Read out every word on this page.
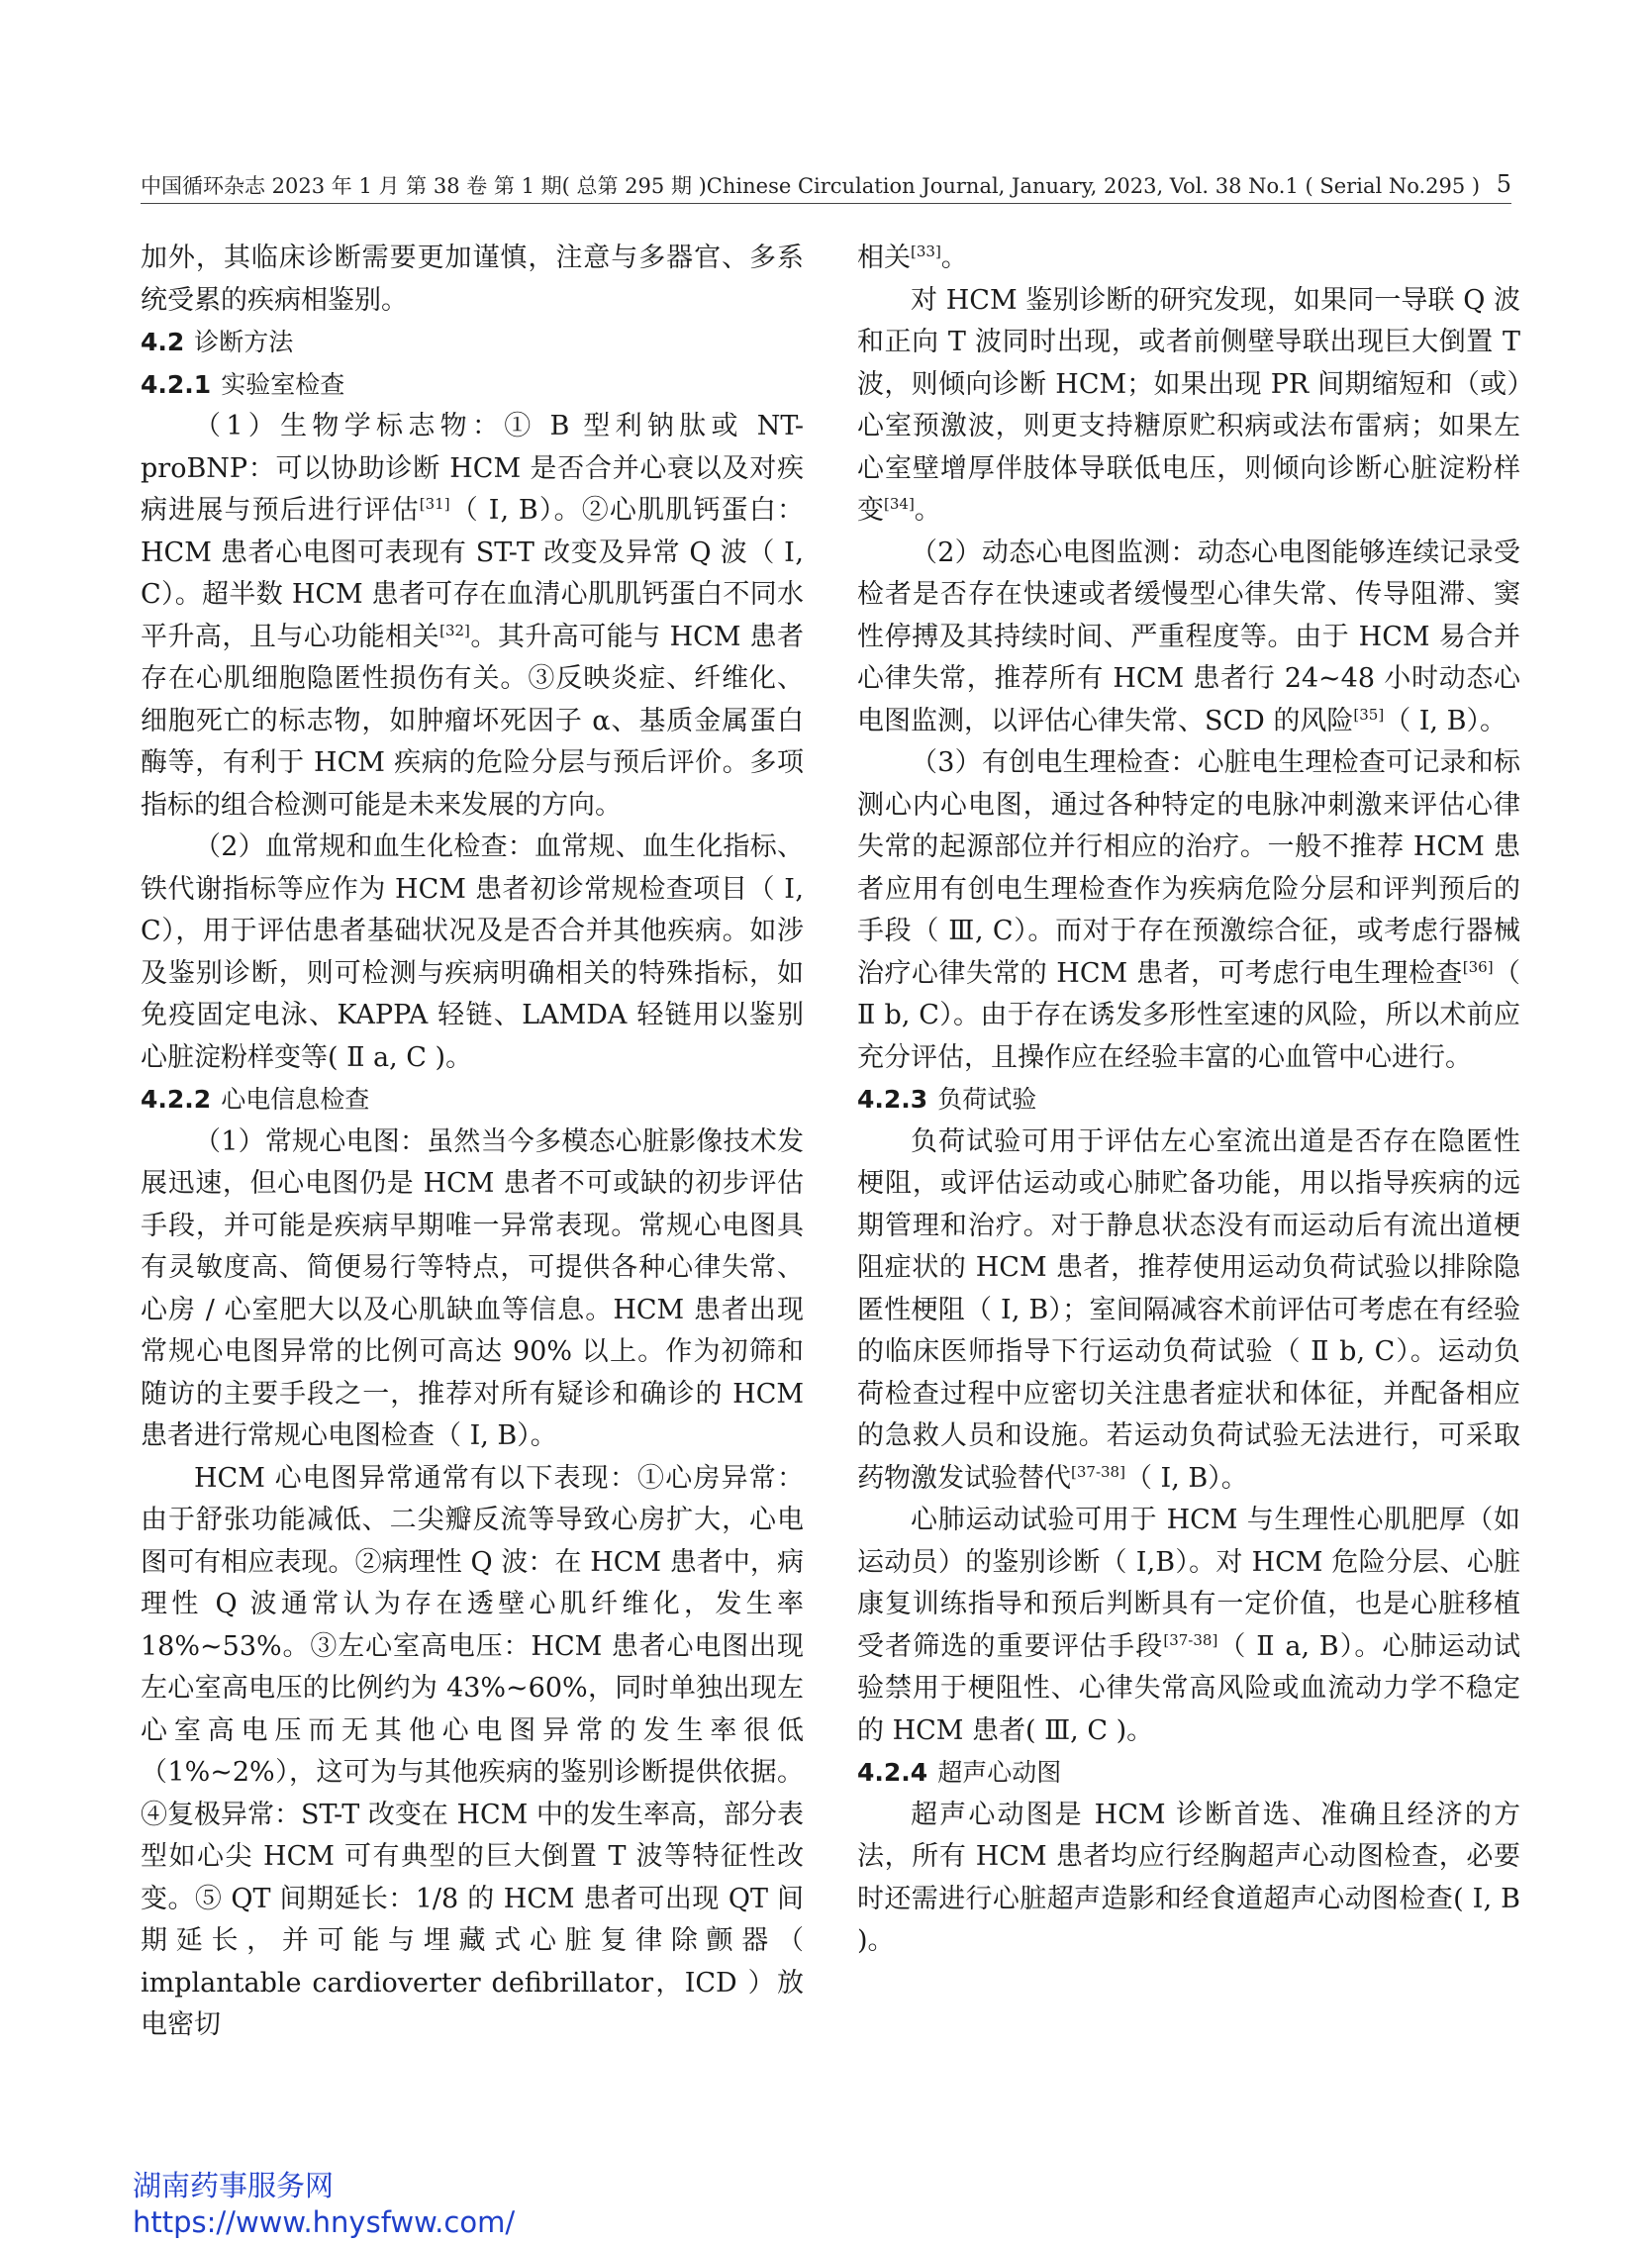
中国循环杂志 2023 年 1 月 第 38 卷 第 1 期( 总第 295 期 )Chinese Circulation Journal, January, 2023, Vol. 38 No.1 ( Serial No.295 ) 5

加外，其临床诊断需要更加谨慎，注意与多器官、多系统受累的疾病相鉴别。

4.2 诊断方法
4.2.1 实验室检查

（1）生物学标志物：① B 型利钠肽或 NT-proBNP：可以协助诊断 HCM 是否合并心衰以及对疾病进展与预后进行评估[31]（ Ⅰ, B）。②心肌肌钙蛋白：HCM 患者心电图可表现有 ST-T 改变及异常 Q 波（ Ⅰ, C）。超半数 HCM 患者可存在血清心肌肌钙蛋白不同水平升高，且与心功能相关[32]。其升高可能与 HCM 患者存在心肌细胞隐匿性损伤有关。③反映炎症、纤维化、细胞死亡的标志物，如肿瘤坏死因子 α、基质金属蛋白酶等，有利于 HCM 疾病的危险分层与预后评价。多项指标的组合检测可能是未来发展的方向。

（2）血常规和血生化检查：血常规、血生化指标、铁代谢指标等应作为 HCM 患者初诊常规检查项目（ Ⅰ, C），用于评估患者基础状况及是否合并其他疾病。如涉及鉴别诊断，则可检测与疾病明确相关的特殊指标，如免疫固定电泳、KAPPA 轻链、LAMDA 轻链用以鉴别心脏淀粉样变等( Ⅱ a, C )。

4.2.2 心电信息检查

（1）常规心电图：虽然当今多模态心脏影像技术发展迅速，但心电图仍是 HCM 患者不可或缺的初步评估手段，并可能是疾病早期唯一异常表现。常规心电图具有灵敏度高、简便易行等特点，可提供各种心律失常、心房 / 心室肥大以及心肌缺血等信息。HCM 患者出现常规心电图异常的比例可高达 90% 以上。作为初筛和随访的主要手段之一，推荐对所有疑诊和确诊的 HCM 患者进行常规心电图检查（ Ⅰ, B）。

HCM 心电图异常通常有以下表现：①心房异常：由于舒张功能减低、二尖瓣反流等导致心房扩大，心电图可有相应表现。②病理性 Q 波：在 HCM 患者中，病理性 Q 波通常认为存在透壁心肌纤维化，发生率 18%~53%。③左心室高电压：HCM 患者心电图出现左心室高电压的比例约为 43%~60%，同时单独出现左心室高电压而无其他心电图异常的发生率很低（1%~2%），这可为与其他疾病的鉴别诊断提供依据。④复极异常：ST-T 改变在 HCM 中的发生率高，部分表型如心尖 HCM 可有典型的巨大倒置 T 波等特征性改变。⑤ QT 间期延长：1/8 的 HCM 患者可出现 QT 间期延长，并可能与埋藏式心脏复律除颤器（ implantable cardioverter defibrillator，ICD ）放电密切

相关[33]。

对 HCM 鉴别诊断的研究发现，如果同一导联 Q 波和正向 T 波同时出现，或者前侧壁导联出现巨大倒置 T 波，则倾向诊断 HCM；如果出现 PR 间期缩短和（或）心室预激波，则更支持糖原贮积病或法布雷病；如果左心室壁增厚伴肢体导联低电压，则倾向诊断心脏淀粉样变[34]。

（2）动态心电图监测：动态心电图能够连续记录受检者是否存在快速或者缓慢型心律失常、传导阻滞、窦性停搏及其持续时间、严重程度等。由于 HCM 易合并心律失常，推荐所有 HCM 患者行 24~48 小时动态心电图监测，以评估心律失常、SCD 的风险[35]（ Ⅰ, B）。

（3）有创电生理检查：心脏电生理检查可记录和标测心内心电图，通过各种特定的电脉冲刺激来评估心律失常的起源部位并行相应的治疗。一般不推荐 HCM 患者应用有创电生理检查作为疾病危险分层和评判预后的手段（ Ⅲ, C）。而对于存在预激综合征，或考虑行器械治疗心律失常的 HCM 患者，可考虑行电生理检查[36]（ Ⅱ b, C）。由于存在诱发多形性室速的风险，所以术前应充分评估，且操作应在经验丰富的心血管中心进行。

4.2.3 负荷试验

负荷试验可用于评估左心室流出道是否存在隐匿性梗阻，或评估运动或心肺贮备功能，用以指导疾病的远期管理和治疗。对于静息状态没有而运动后有流出道梗阻症状的 HCM 患者，推荐使用运动负荷试验以排除隐匿性梗阻（ Ⅰ, B）；室间隔减容术前评估可考虑在有经验的临床医师指导下行运动负荷试验（ Ⅱ b, C）。运动负荷检查过程中应密切关注患者症状和体征，并配备相应的急救人员和设施。若运动负荷试验无法进行，可采取药物激发试验替代[37-38]（ Ⅰ, B）。

心肺运动试验可用于 HCM 与生理性心肌肥厚（如运动员）的鉴别诊断（ Ⅰ,B）。对 HCM 危险分层、心脏康复训练指导和预后判断具有一定价值，也是心脏移植受者筛选的重要评估手段[37-38]（ Ⅱ a, B）。心肺运动试验禁用于梗阻性、心律失常高风险或血流动力学不稳定的 HCM 患者( Ⅲ, C )。

4.2.4 超声心动图

超声心动图是 HCM 诊断首选、准确且经济的方法，所有 HCM 患者均应行经胸超声心动图检查，必要时还需进行心脏超声造影和经食道超声心动图检查( Ⅰ, B )。

湖南药事服务网
https://www.hnysfww.com/
